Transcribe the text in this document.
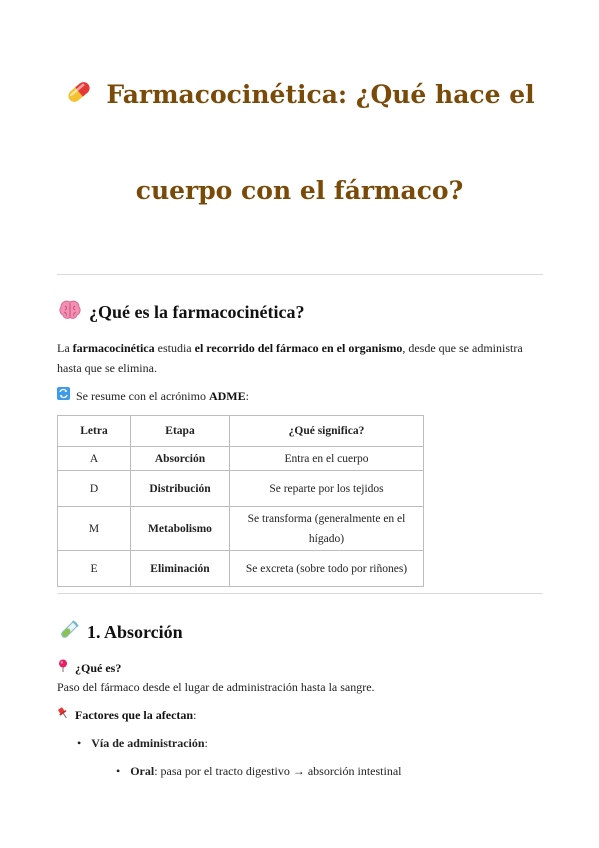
Farmacocinética: ¿Qué hace el
cuerpo con el fármaco?
¿Qué es la farmacocinética?
La farmacocinética estudia el recorrido del fármaco en el organismo, desde que se administra
hasta que se elimina.
Se resume con el acrónimo ADME:
Letra	Etapa	¿Qué significa?
A	Absorción	Entra en el cuerpo
D	Distribución	Se reparte por los tejidos
M	Metabolismo	Se transforma (generalmente en el
hígado)
E	Eliminación	Se excreta (sobre todo por riñones)
1. Absorción
¿Qué es?
Paso del fármaco desde el lugar de administración hasta la sangre.
Factores que la afectan:
• Vía de administración:
• Oral: pasa por el tracto digestivo → absorción intestinal
